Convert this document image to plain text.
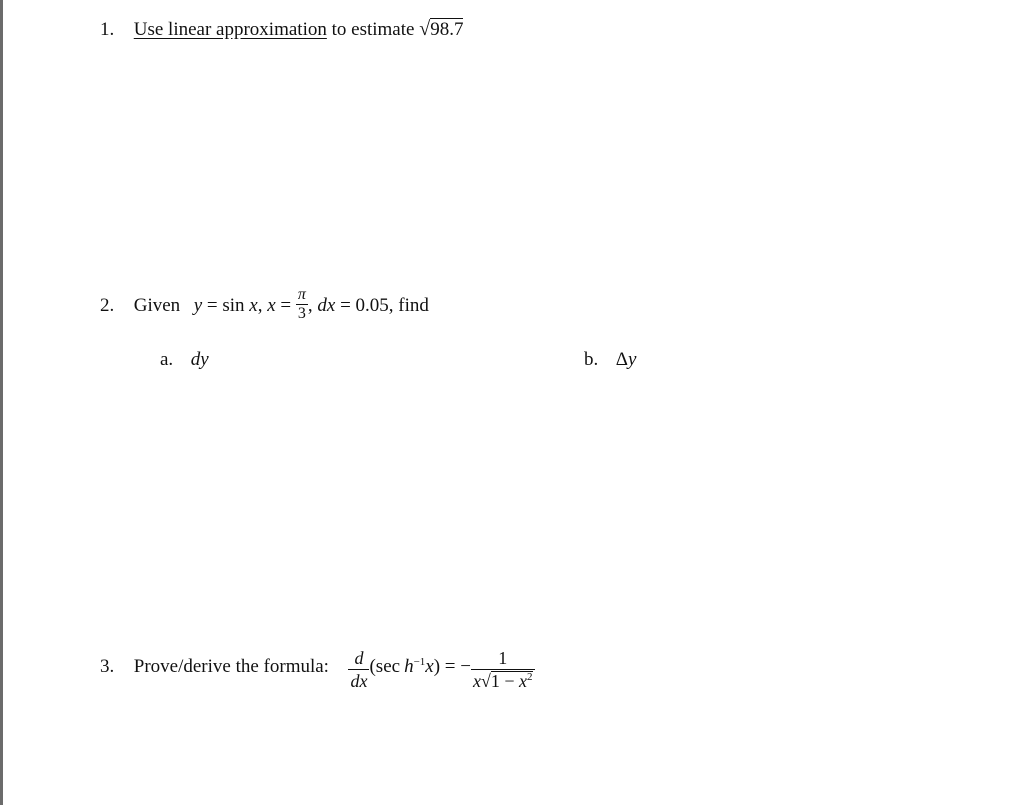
1. Use linear approximation to estimate √98.7
2. Given y = sin x, $x = \frac{\pi}{3}$ , dx = 0.05, find
a. dy	b. Δy
3. Prove/derive the formula: $\frac{d}{dx} (\sec$ $h^{-1}x$) = − $\frac{1}{x√1 - x^2}$
